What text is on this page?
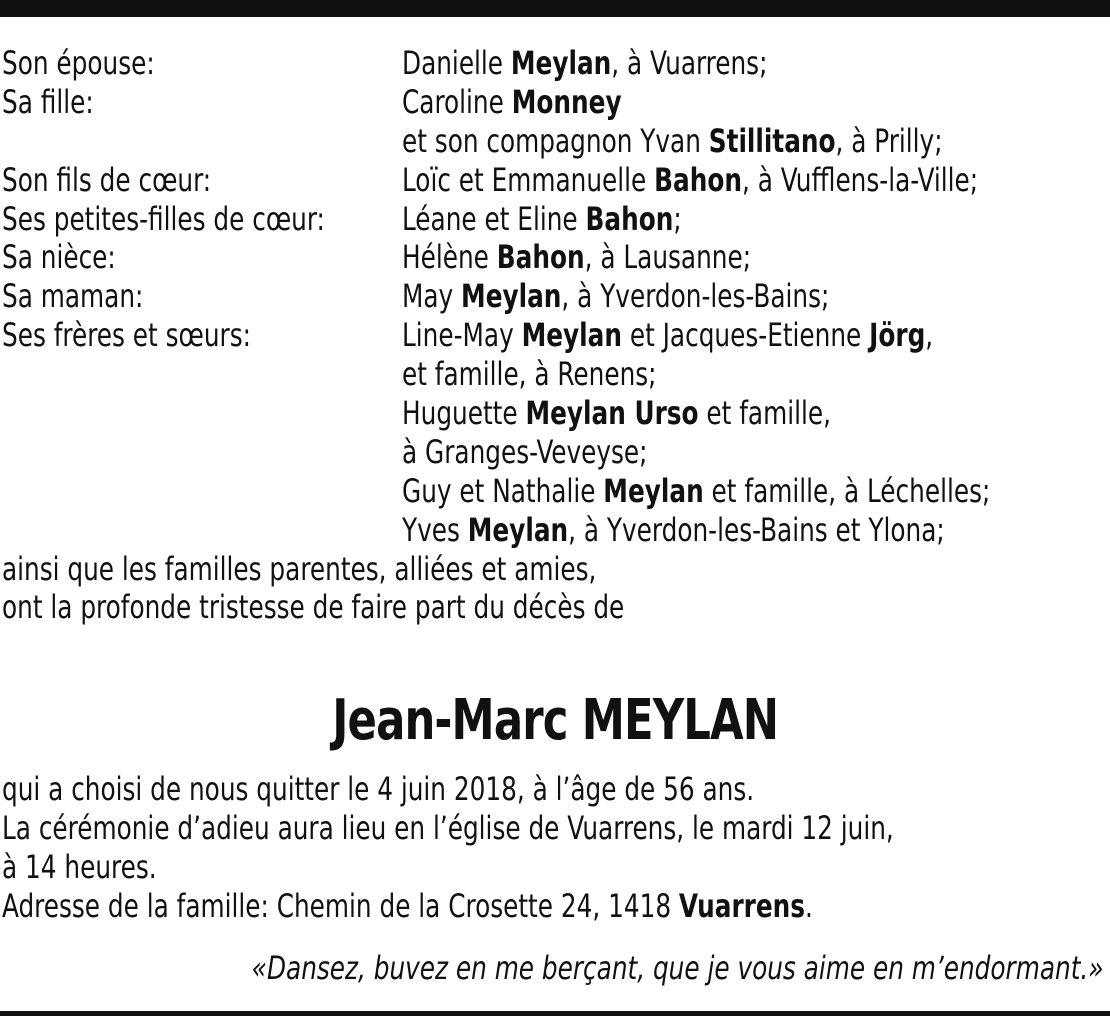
Son épouse:	Danielle Meylan, à Vuarrens;
Sa fille:	Caroline Monney
et son compagnon Yvan Stillitano, à Prilly;
Son fils de cœur:	Loïc et Emmanuelle Bahon, à Vufflens-la-Ville;
Ses petites-filles de cœur: Léane et Eline Bahon;
Sa nièce:	Hélène Bahon, à Lausanne;
Sa maman:	May Meylan, à Yverdon-les-Bains;
Ses frères et sœurs:	Line-May Meylan et Jacques-Etienne Jörg,
et famille, à Renens;
Huguette Meylan Urso et famille,
à Granges-Veveyse;
Guy et Nathalie Meylan et famille, à Léchelles;
Yves Meylan, à Yverdon-les-Bains et Ylona;
ainsi que les familles parentes, alliées et amies,
ont la profonde tristesse de faire part du décès de
Jean-Marc MEYLAN
qui a choisi de nous quitter le 4 juin 2018, à l’âge de 56 ans.
La cérémonie d’adieu aura lieu en l’église de Vuarrens, le mardi 12 juin,
à 14 heures.
Adresse de la famille: Chemin de la Crosette 24, 1418 Vuarrens.
«Dansez, buvez en me berçant, que je vous aime en m’endormant.»
